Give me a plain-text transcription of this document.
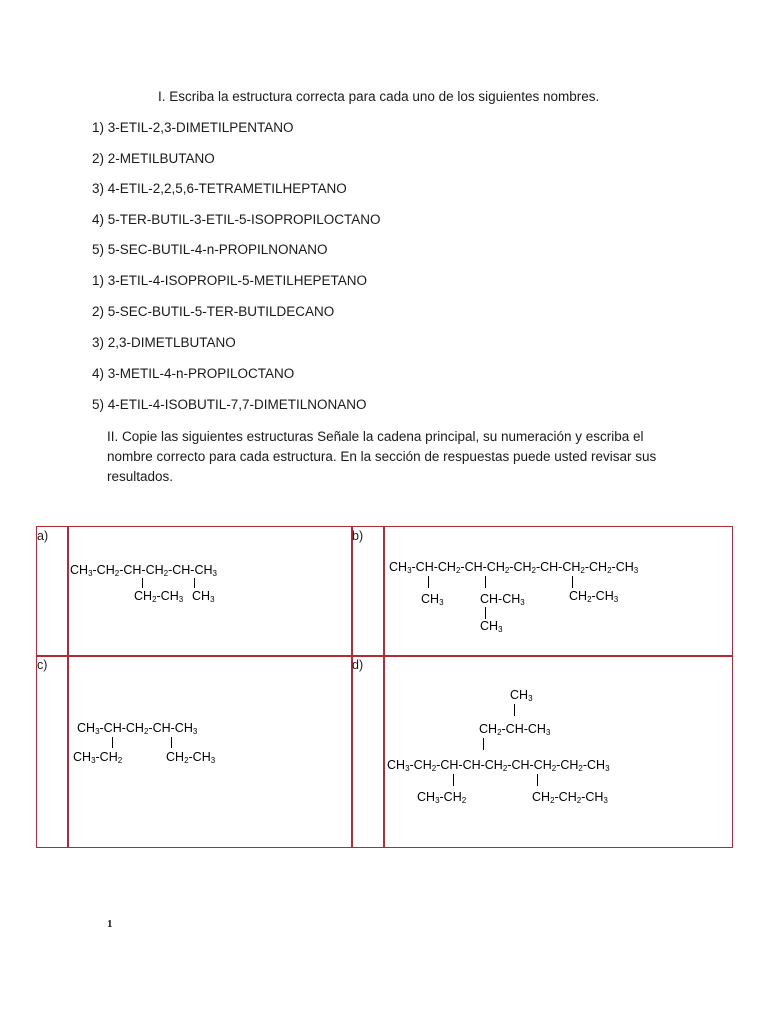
I. Escriba la estructura correcta para cada uno de los siguientes nombres.
1) 3-ETIL-2,3-DIMETILPENTANO
2) 2-METILBUTANO
3) 4-ETIL-2,2,5,6-TETRAMETILHEPTANO
4) 5-TER-BUTIL-3-ETIL-5-ISOPROPILOCTANO
5) 5-SEC-BUTIL-4-n-PROPILNONANO
1) 3-ETIL-4-ISOPROPIL-5-METILHEPETANO
2) 5-SEC-BUTIL-5-TER-BUTILDECANO
3) 2,3-DIMETLBUTANO
4) 3-METIL-4-n-PROPILOCTANO
5) 4-ETIL-4-ISOBUTIL-7,7-DIMETILNONANO
II. Copie las siguientes estructuras Señale la cadena principal, su numeración y escriba el nombre correcto para cada estructura. En la sección de respuestas puede usted revisar sus resultados.
a)	b)
c)	d)
$CH_3-CH_2-CH-CH_2-CH-CH_3$
$CH_2-CH_3$ $CH_3$
$CH_3-CH-CH_2-CH-CH_2-CH_2-CH-CH_2-CH_2-CH_3$
$CH_3$	$CH-CH_3$	$CH_2-CH_3$
$CH_3$
$CH_3-CH-CH_2-CH-CH_3$
$CH_3-CH_2$	$CH_2-CH_3$
$CH_3$
$CH_2-CH-CH_3$
$CH_3-CH_2-CH-CH-CH_2-CH-CH_2-CH_2-CH_3$
$CH_3-CH_2$	$CH_2-CH_2-CH_3$
1
